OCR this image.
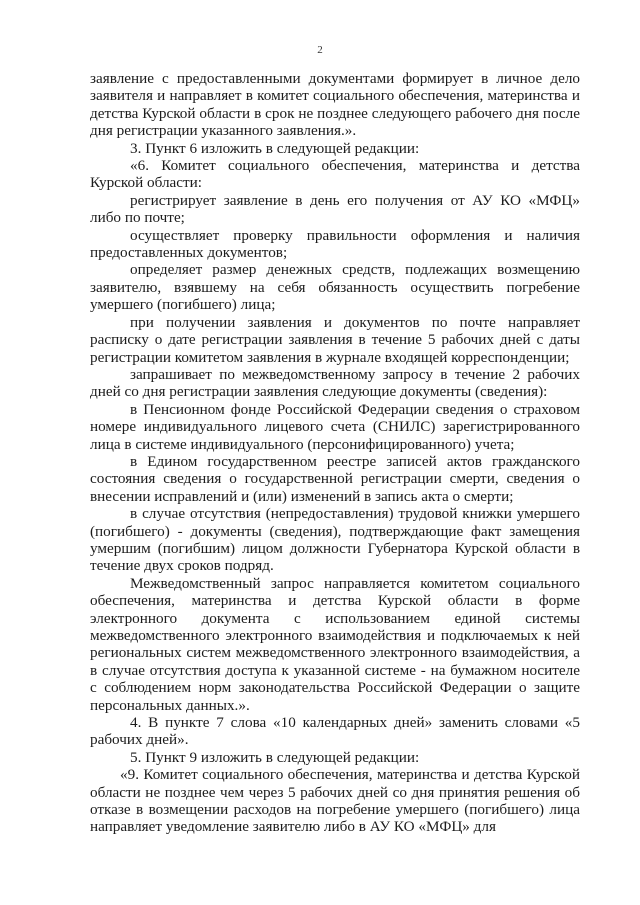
2

заявление с предоставленными документами формирует в личное дело заявителя и направляет в комитет социального обеспечения, материнства и детства Курской области в срок не позднее следующего рабочего дня после дня регистрации указанного заявления.».

3. Пункт 6 изложить в следующей редакции:

«6. Комитет социального обеспечения, материнства и детства Курской области:

регистрирует заявление в день его получения от АУ КО «МФЦ» либо по почте;

осуществляет проверку правильности оформления и наличия предоставленных документов;

определяет размер денежных средств, подлежащих возмещению заявителю, взявшему на себя обязанность осуществить погребение умершего (погибшего) лица;

при получении заявления и документов по почте направляет расписку о дате регистрации заявления в течение 5 рабочих дней с даты регистрации комитетом заявления в журнале входящей корреспонденции;

запрашивает по межведомственному запросу в течение 2 рабочих дней со дня регистрации заявления следующие документы (сведения):

в Пенсионном фонде Российской Федерации сведения о страховом номере индивидуального лицевого счета (СНИЛС) зарегистрированного лица в системе индивидуального (персонифицированного) учета;

в Едином государственном реестре записей актов гражданского состояния сведения о государственной регистрации смерти, сведения о внесении исправлений и (или) изменений в запись акта о смерти;

в случае отсутствия (непредоставления) трудовой книжки умершего (погибшего) - документы (сведения), подтверждающие факт замещения умершим (погибшим) лицом должности Губернатора Курской области в течение двух сроков подряд.

Межведомственный запрос направляется комитетом социального обеспечения, материнства и детства Курской области в форме электронного документа с использованием единой системы межведомственного электронного взаимодействия и подключаемых к ней региональных систем межведомственного электронного взаимодействия, а в случае отсутствия доступа к указанной системе - на бумажном носителе с соблюдением норм законодательства Российской Федерации о защите персональных данных.».

4. В пункте 7 слова «10 календарных дней» заменить словами «5 рабочих дней».

5. Пункт 9 изложить в следующей редакции:

«9. Комитет социального обеспечения, материнства и детства Курской области не позднее чем через 5 рабочих дней со дня принятия решения об отказе в возмещении расходов на погребение умершего (погибшего) лица направляет уведомление заявителю либо в АУ КО «МФЦ» для
